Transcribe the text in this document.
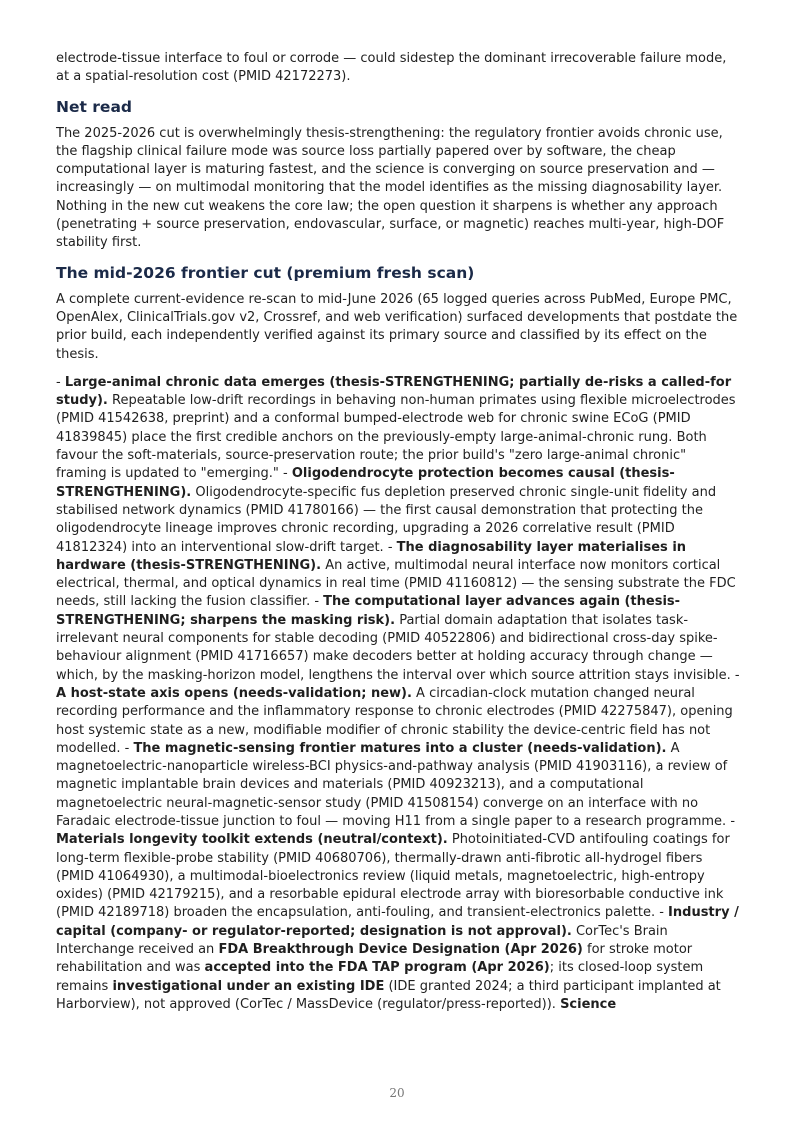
electrode-tissue interface to foul or corrode — could sidestep the dominant irrecoverable failure mode, at a spatial-resolution cost (PMID 42172273).

Net read

The 2025-2026 cut is overwhelmingly thesis-strengthening: the regulatory frontier avoids chronic use, the flagship clinical failure mode was source loss partially papered over by software, the cheap computational layer is maturing fastest, and the science is converging on source preservation and — increasingly — on multimodal monitoring that the model identifies as the missing diagnosability layer. Nothing in the new cut weakens the core law; the open question it sharpens is whether any approach (penetrating + source preservation, endovascular, surface, or magnetic) reaches multi-year, high-DOF stability first.

The mid-2026 frontier cut (premium fresh scan)

A complete current-evidence re-scan to mid-June 2026 (65 logged queries across PubMed, Europe PMC, OpenAlex, ClinicalTrials.gov v2, Crossref, and web verification) surfaced developments that postdate the prior build, each independently verified against its primary source and classified by its effect on the thesis.

- Large-animal chronic data emerges (thesis-STRENGTHENING; partially de-risks a called-for study). Repeatable low-drift recordings in behaving non-human primates using flexible microelectrodes (PMID 41542638, preprint) and a conformal bumped-electrode web for chronic swine ECoG (PMID 41839845) place the first credible anchors on the previously-empty large-animal-chronic rung. Both favour the soft-materials, source-preservation route; the prior build's "zero large-animal chronic" framing is updated to "emerging." - Oligodendrocyte protection becomes causal (thesis-STRENGTHENING). Oligodendrocyte-specific fus depletion preserved chronic single-unit fidelity and stabilised network dynamics (PMID 41780166) — the first causal demonstration that protecting the oligodendrocyte lineage improves chronic recording, upgrading a 2026 correlative result (PMID 41812324) into an interventional slow-drift target. - The diagnosability layer materialises in hardware (thesis-STRENGTHENING). An active, multimodal neural interface now monitors cortical electrical, thermal, and optical dynamics in real time (PMID 41160812) — the sensing substrate the FDC needs, still lacking the fusion classifier. - The computational layer advances again (thesis-STRENGTHENING; sharpens the masking risk). Partial domain adaptation that isolates task-irrelevant neural components for stable decoding (PMID 40522806) and bidirectional cross-day spike-behaviour alignment (PMID 41716657) make decoders better at holding accuracy through change — which, by the masking-horizon model, lengthens the interval over which source attrition stays invisible. - A host-state axis opens (needs-validation; new). A circadian-clock mutation changed neural recording performance and the inflammatory response to chronic electrodes (PMID 42275847), opening host systemic state as a new, modifiable modifier of chronic stability the device-centric field has not modelled. - The magnetic-sensing frontier matures into a cluster (needs-validation). A magnetoelectric-nanoparticle wireless-BCI physics-and-pathway analysis (PMID 41903116), a review of magnetic implantable brain devices and materials (PMID 40923213), and a computational magnetoelectric neural-magnetic-sensor study (PMID 41508154) converge on an interface with no Faradaic electrode-tissue junction to foul — moving H11 from a single paper to a research programme. - Materials longevity toolkit extends (neutral/context). Photoinitiated-CVD antifouling coatings for long-term flexible-probe stability (PMID 40680706), thermally-drawn anti-fibrotic all-hydrogel fibers (PMID 41064930), a multimodal-bioelectronics review (liquid metals, magnetoelectric, high-entropy oxides) (PMID 42179215), and a resorbable epidural electrode array with bioresorbable conductive ink (PMID 42189718) broaden the encapsulation, anti-fouling, and transient-electronics palette. - Industry / capital (company- or regulator-reported; designation is not approval). CorTec's Brain Interchange received an FDA Breakthrough Device Designation (Apr 2026) for stroke motor rehabilitation and was accepted into the FDA TAP program (Apr 2026); its closed-loop system remains investigational under an existing IDE (IDE granted 2024; a third participant implanted at Harborview), not approved (CorTec / MassDevice (regulator/press-reported)). Science

20
